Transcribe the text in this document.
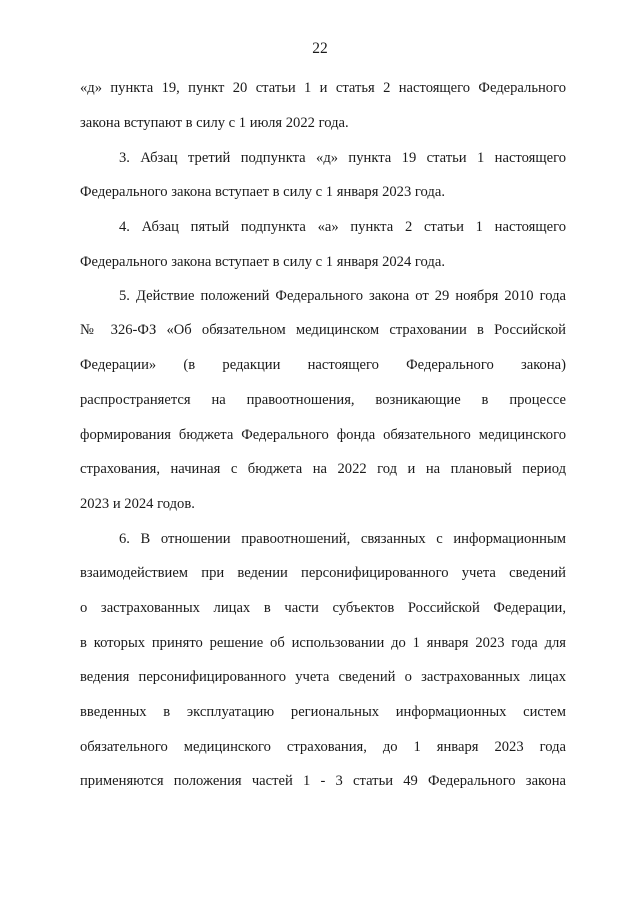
22
«д» пункта 19, пункт 20 статьи 1 и статья 2 настоящего Федерального
закона вступают в силу с 1 июля 2022 года.
3. Абзац третий подпункта «д» пункта 19 статьи 1 настоящего
Федерального закона вступает в силу с 1 января 2023 года.
4. Абзац пятый подпункта «а» пункта 2 статьи 1 настоящего
Федерального закона вступает в силу с 1 января 2024 года.
5. Действие положений Федерального закона от 29 ноября 2010 года
№ 326-ФЗ «Об обязательном медицинском страховании в Российской
Федерации» (в редакции настоящего Федерального закона)
распространяется на правоотношения, возникающие в процессе
формирования бюджета Федерального фонда обязательного медицинского
страхования, начиная с бюджета на 2022 год и на плановый период
2023 и 2024 годов.
6. В отношении правоотношений, связанных с информационным
взаимодействием при ведении персонифицированного учета сведений
о застрахованных лицах в части субъектов Российской Федерации,
в которых принято решение об использовании до 1 января 2023 года для
ведения персонифицированного учета сведений о застрахованных лицах
введенных в эксплуатацию региональных информационных систем
обязательного медицинского страхования, до 1 января 2023 года
применяются положения частей 1 - 3 статьи 49 Федерального закона
